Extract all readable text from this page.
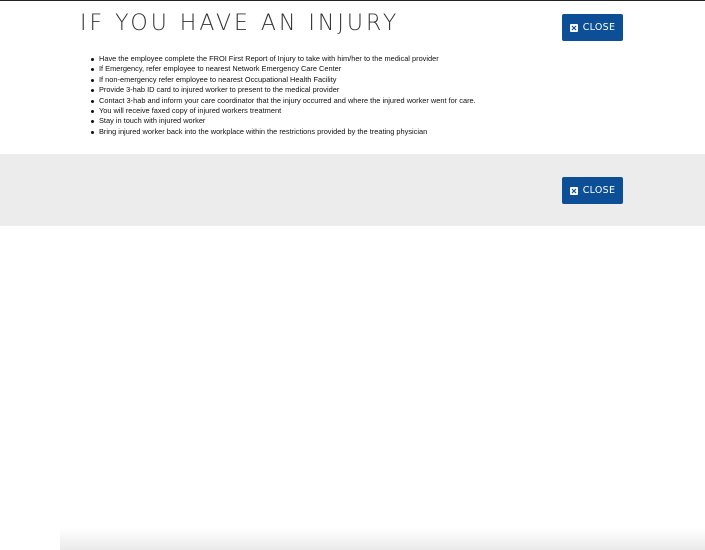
IF YOU HAVE AN INJURY	CLOSE
Have the employee complete the FROI First Report of Injury to take with him/her to the medical provider
If Emergency, refer employee to nearest Network Emergency Care Center
If non-emergency refer employee to nearest Occupational Health Facility
Provide 3-hab ID card to injured worker to present to the medical provider
Contact 3-hab and inform your care coordinator that the injury occurred and where the injured worker went for care.
You will receive faxed copy of injured workers treatment
Stay in touch with injured worker
Bring injured worker back into the workplace within the restrictions provided by the treating physician
CLOSE
